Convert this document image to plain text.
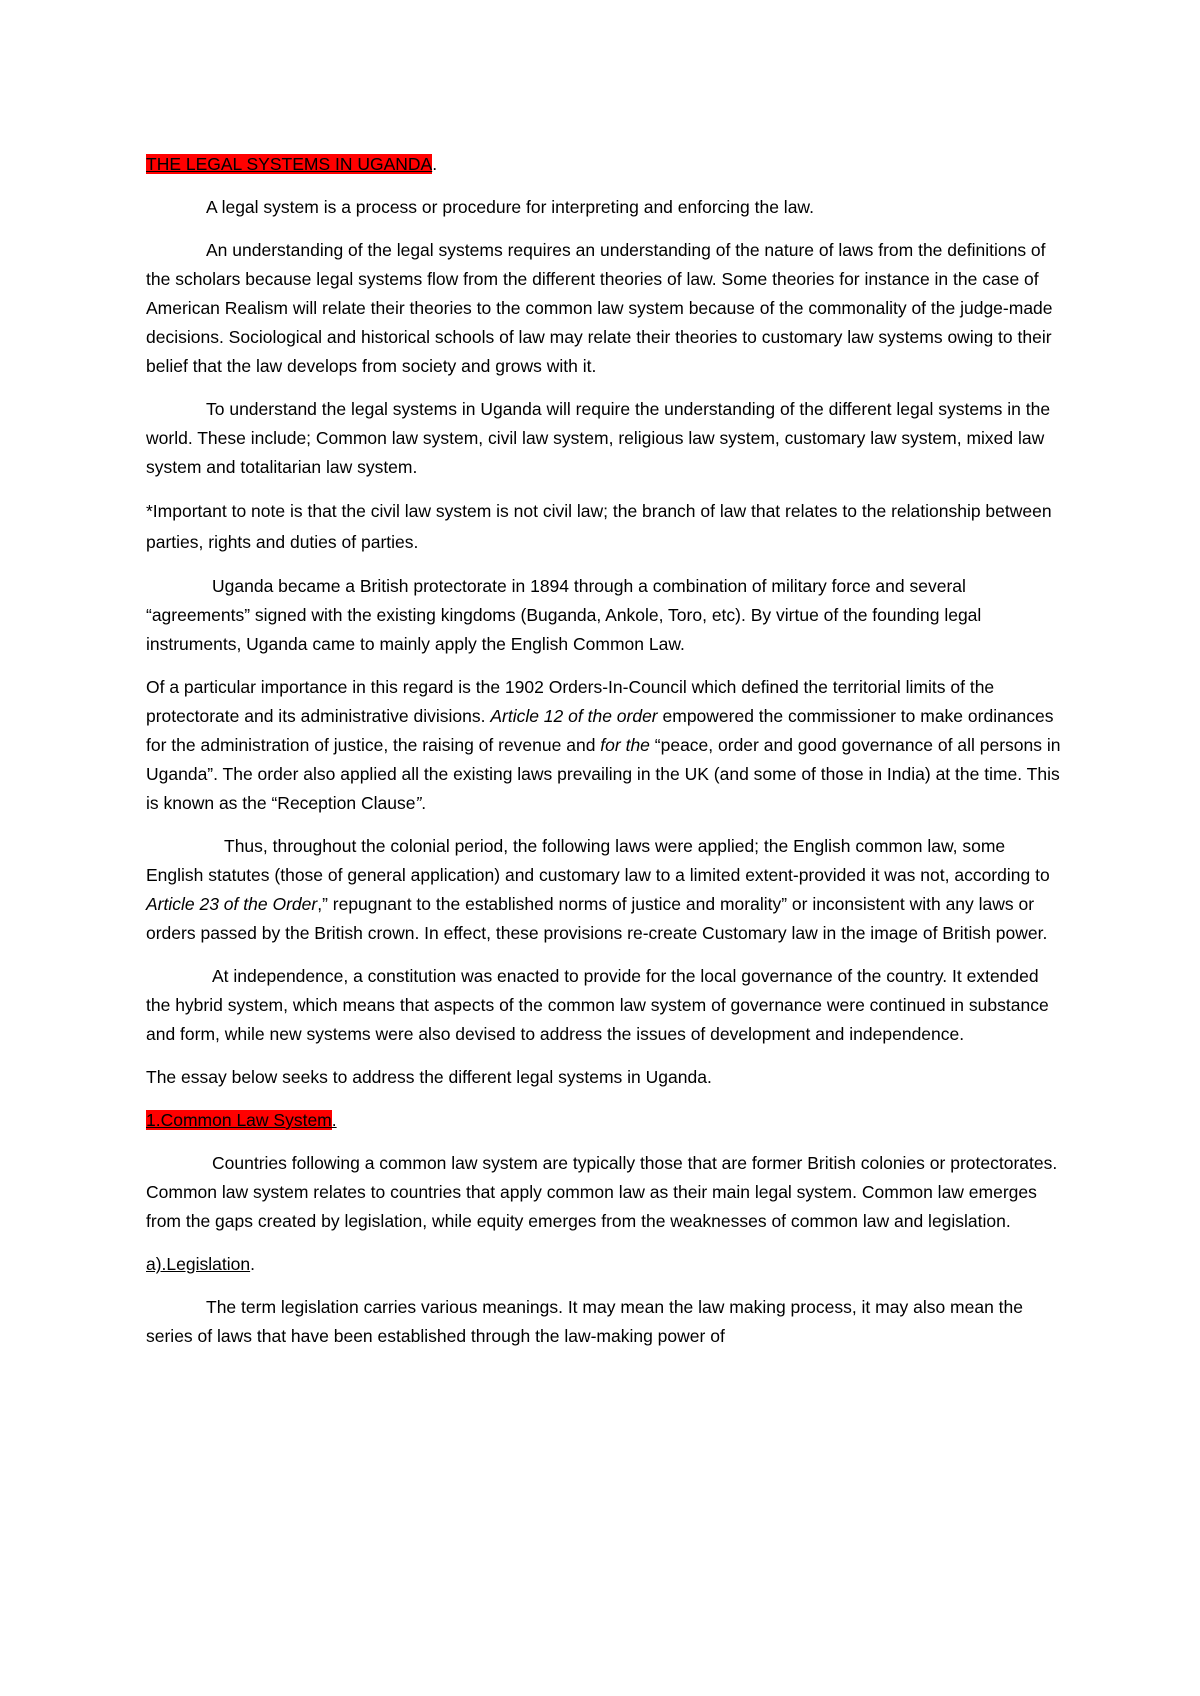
THE LEGAL SYSTEMS IN UGANDA.

A legal system is a process or procedure for interpreting and enforcing the law.

An understanding of the legal systems requires an understanding of the nature of laws from the definitions of the scholars because legal systems flow from the different theories of law. Some theories for instance in the case of American Realism will relate their theories to the common law system because of the commonality of the judge-made decisions. Sociological and historical schools of law may relate their theories to customary law systems owing to their belief that the law develops from society and grows with it.

To understand the legal systems in Uganda will require the understanding of the different legal systems in the world. These include; Common law system, civil law system, religious law system, customary law system, mixed law system and totalitarian law system.

*Important to note is that the civil law system is not civil law; the branch of law that relates to the relationship between parties, rights and duties of parties.

Uganda became a British protectorate in 1894 through a combination of military force and several “agreements” signed with the existing kingdoms (Buganda, Ankole, Toro, etc). By virtue of the founding legal instruments, Uganda came to mainly apply the English Common Law.

Of a particular importance in this regard is the 1902 Orders-In-Council which defined the territorial limits of the protectorate and its administrative divisions. Article 12 of the order empowered the commissioner to make ordinances for the administration of justice, the raising of revenue and for the “peace, order and good governance of all persons in Uganda”. The order also applied all the existing laws prevailing in the UK (and some of those in India) at the time. This is known as the “Reception Clause”.

Thus, throughout the colonial period, the following laws were applied; the English common law, some English statutes (those of general application) and customary law to a limited extent-provided it was not, according to Article 23 of the Order,” repugnant to the established norms of justice and morality” or inconsistent with any laws or orders passed by the British crown. In effect, these provisions re-create Customary law in the image of British power.

At independence, a constitution was enacted to provide for the local governance of the country. It extended the hybrid system, which means that aspects of the common law system of governance were continued in substance and form, while new systems were also devised to address the issues of development and independence.

The essay below seeks to address the different legal systems in Uganda.

1.Common Law System.

Countries following a common law system are typically those that are former British colonies or protectorates. Common law system relates to countries that apply common law as their main legal system. Common law emerges from the gaps created by legislation, while equity emerges from the weaknesses of common law and legislation.

a).Legislation.

The term legislation carries various meanings. It may mean the law making process, it may also mean the series of laws that have been established through the law-making power of
